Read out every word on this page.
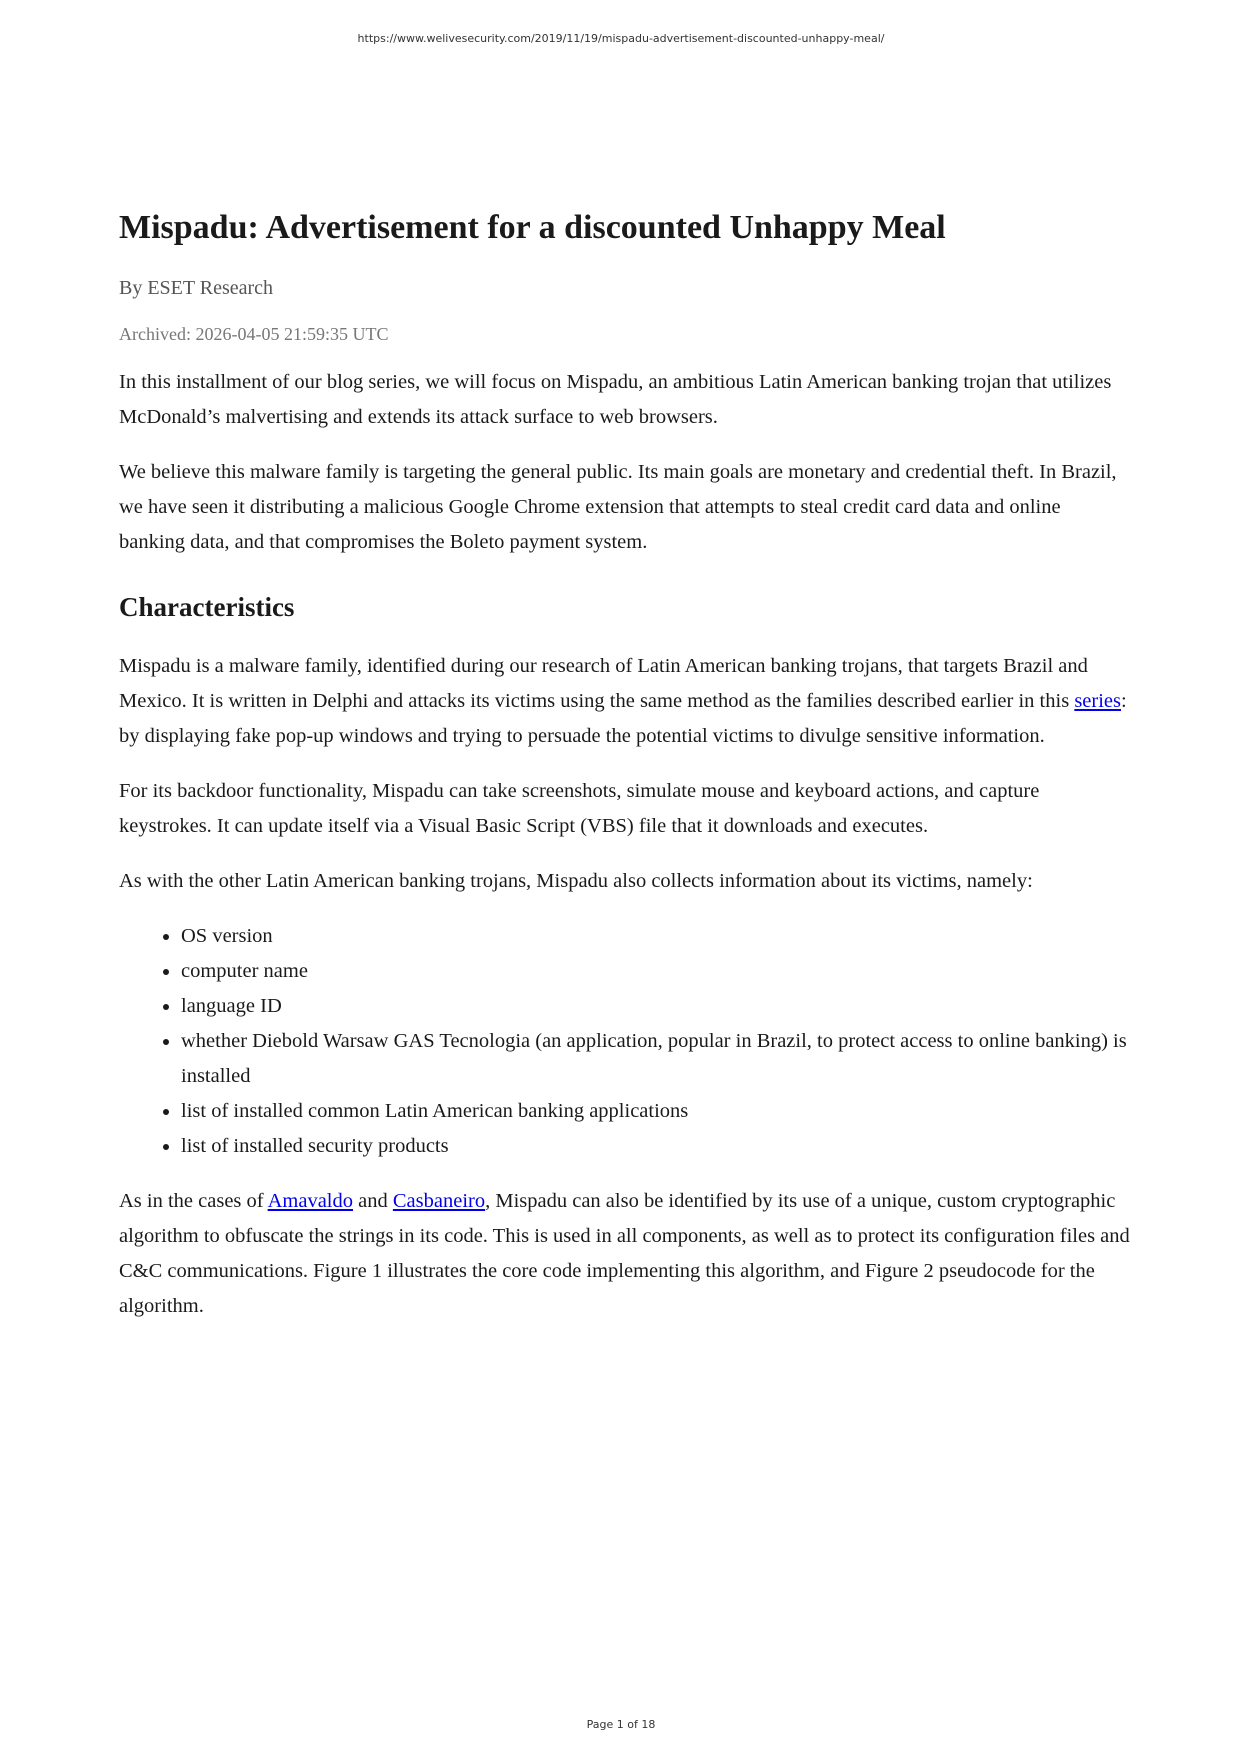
https://www.welivesecurity.com/2019/11/19/mispadu-advertisement-discounted-unhappy-meal/
Mispadu: Advertisement for a discounted Unhappy Meal
By ESET Research
Archived: 2026-04-05 21:59:35 UTC

In this installment of our blog series, we will focus on Mispadu, an ambitious Latin American banking trojan that utilizes McDonald’s malvertising and extends its attack surface to web browsers.

We believe this malware family is targeting the general public. Its main goals are monetary and credential theft. In Brazil, we have seen it distributing a malicious Google Chrome extension that attempts to steal credit card data and online banking data, and that compromises the Boleto payment system.

Characteristics

Mispadu is a malware family, identified during our research of Latin American banking trojans, that targets Brazil and Mexico. It is written in Delphi and attacks its victims using the same method as the families described earlier in this series: by displaying fake pop-up windows and trying to persuade the potential victims to divulge sensitive information.

For its backdoor functionality, Mispadu can take screenshots, simulate mouse and keyboard actions, and capture keystrokes. It can update itself via a Visual Basic Script (VBS) file that it downloads and executes.

As with the other Latin American banking trojans, Mispadu also collects information about its victims, namely:

• OS version
• computer name
• language ID
• whether Diebold Warsaw GAS Tecnologia (an application, popular in Brazil, to protect access to online banking) is installed
• list of installed common Latin American banking applications
• list of installed security products

As in the cases of Amavaldo and Casbaneiro, Mispadu can also be identified by its use of a unique, custom cryptographic algorithm to obfuscate the strings in its code. This is used in all components, as well as to protect its configuration files and C&C communications. Figure 1 illustrates the core code implementing this algorithm, and Figure 2 pseudocode for the algorithm.

Page 1 of 18
